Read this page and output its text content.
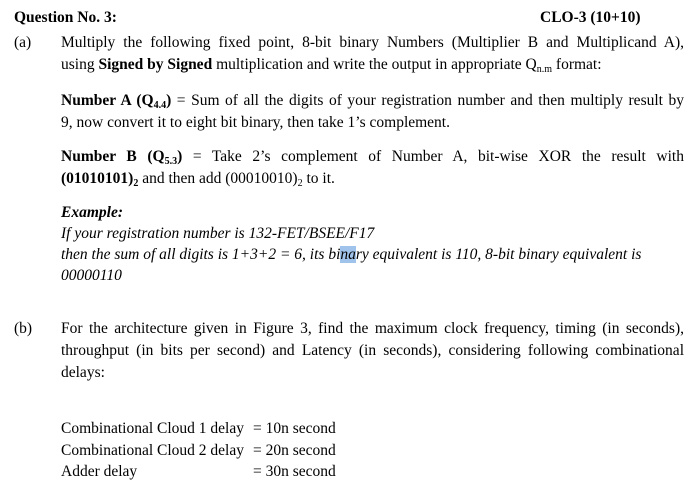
Question No. 3:	CLO-3 (10+10)
(a) Multiply the following fixed point, 8-bit binary Numbers (Multiplier B and Multiplicand A),
using Signed by Signed multiplication and write the output in appropriate Qn.m format:
Number A (Q4.4) = Sum of all the digits of your registration number and then multiply result by
9, now convert it to eight bit binary, then take 1’s complement.
Number B (Q5.3) = Take 2’s complement of Number A, bit-wise XOR the result with
(01010101)2 and then add (00010010)2 to it.
Example:
If your registration number is 132-FET/BSEE/F17
then the sum of all digits is 1+3+2 = 6, its binary equivalent is 110, 8-bit binary equivalent is
00000110
(b) For the architecture given in Figure 3, find the maximum clock frequency, timing (in seconds),
throughput (in bits per second) and Latency (in seconds), considering following combinational
delays:
Combinational Cloud 1 delay = 10n second
Combinational Cloud 2 delay = 20n second
Adder delay	= 30n second
